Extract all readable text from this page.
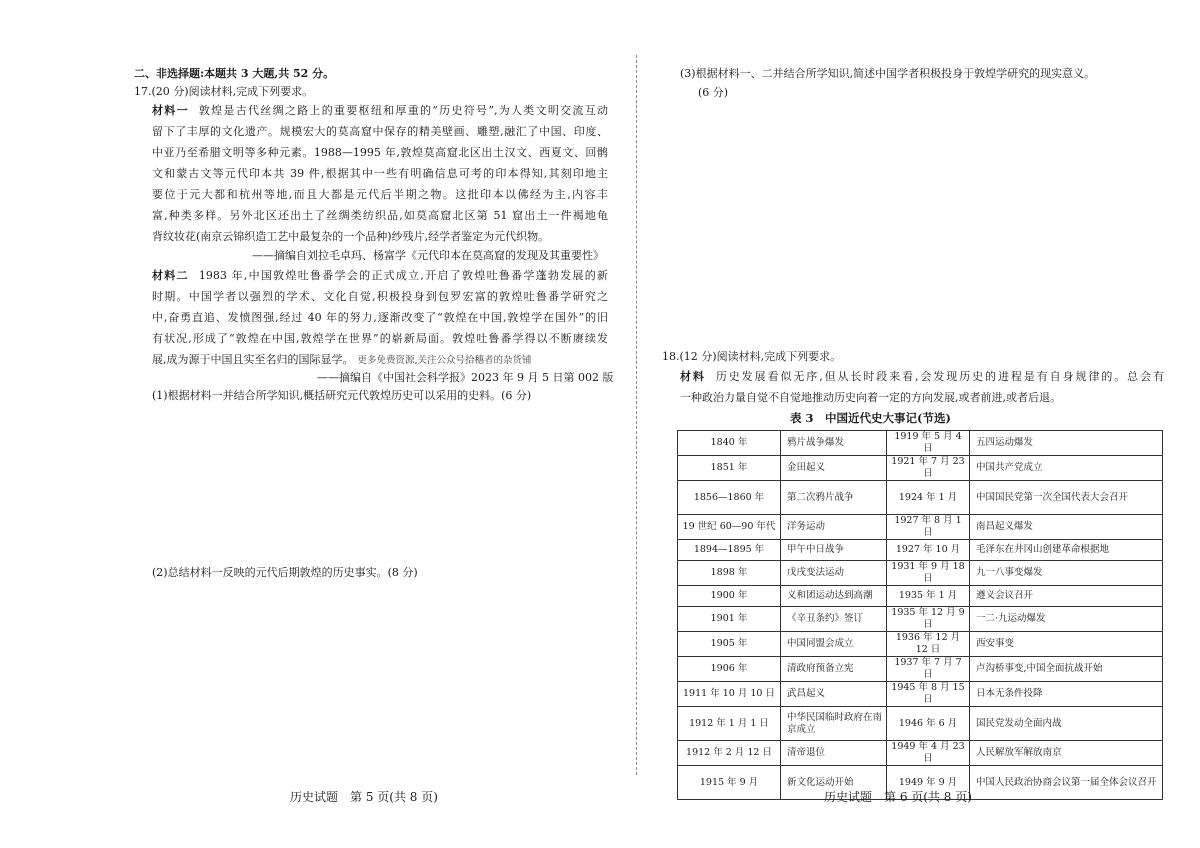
二、非选择题:本题共 3 大题,共 52 分。
17.(20 分)阅读材料,完成下列要求。
材料一 敦煌是古代丝绸之路上的重要枢纽和厚重的“历史符号”,为人类文明交流互动
留下了丰厚的文化遗产。规模宏大的莫高窟中保存的精美壁画、雕塑,融汇了中国、印度、
中亚乃至希腊文明等多种元素。1988—1995 年,敦煌莫高窟北区出土汉文、西夏文、回鹘
文和蒙古文等元代印本共 39 件,根据其中一些有明确信息可考的印本得知,其刻印地主
要位于元大都和杭州等地,而且大都是元代后半期之物。这批印本以佛经为主,内容丰
富,种类多样。另外北区还出土了丝绸类纺织品,如莫高窟北区第 51 窟出土一件褐地龟
背纹妆花(南京云锦织造工艺中最复杂的一个品种)纱残片,经学者鉴定为元代织物。
——摘编自刘拉毛卓玛、杨富学《元代印本在莫高窟的发现及其重要性》
材料二 1983 年,中国敦煌吐鲁番学会的正式成立,开启了敦煌吐鲁番学蓬勃发展的新
时期。中国学者以强烈的学术、文化自觉,积极投身到包罗宏富的敦煌吐鲁番学研究之
中,奋勇直追、发愤图强,经过 40 年的努力,逐渐改变了“敦煌在中国,敦煌学在国外”的旧
有状况,形成了“敦煌在中国,敦煌学在世界”的崭新局面。敦煌吐鲁番学得以不断赓续发
展,成为源于中国且实至名归的国际显学。 更多免费资源,关注公众号拾穗者的杂货铺
——摘编自《中国社会科学报》2023 年 9 月 5 日第 002 版
(1)根据材料一并结合所学知识,概括研究元代敦煌历史可以采用的史料。(6 分)
(2)总结材料一反映的元代后期敦煌的历史事实。(8 分)
历史试题　第 5 页(共 8 页)
(3)根据材料一、二并结合所学知识,简述中国学者积极投身于敦煌学研究的现实意义。
(6 分)
18.(12 分)阅读材料,完成下列要求。
材料 历史发展看似无序,但从长时段来看,会发现历史的进程是有自身规律的。总会有
一种政治力量自觉不自觉地推动历史向着一定的方向发展,或者前进,或者后退。
表 3　中国近代史大事记(节选)
1840 年	鸦片战争爆发	1919 年 5 月 4 日	五四运动爆发
1851 年	金田起义	1921 年 7 月 23 日	中国共产党成立
1856—1860 年	第二次鸦片战争	1924 年 1 月	中国国民党第一次全国代表大会召开
19 世纪 60—90 年代	洋务运动	1927 年 8 月 1 日	南昌起义爆发
1894—1895 年	甲午中日战争	1927 年 10 月	毛泽东在井冈山创建革命根据地
1898 年	戊戌变法运动	1931 年 9 月 18 日	九一八事变爆发
1900 年	义和团运动达到高潮	1935 年 1 月	遵义会议召开
1901 年	《辛丑条约》签订	1935 年 12 月 9 日	一二·九运动爆发
1905 年	中国同盟会成立	1936 年 12 月 12 日	西安事变
1906 年	清政府预备立宪	1937 年 7 月 7 日	卢沟桥事变,中国全面抗战开始
1911 年 10 月 10 日	武昌起义	1945 年 8 月 15 日	日本无条件投降
1912 年 1 月 1 日	中华民国临时政府在南京成立	1946 年 6 月	国民党发动全面内战
1912 年 2 月 12 日	清帝退位	1949 年 4 月 23 日	人民解放军解放南京
1915 年 9 月	新文化运动开始	1949 年 9 月	中国人民政治协商会议第一届全体会议召开
历史试题　第 6 页(共 8 页)
